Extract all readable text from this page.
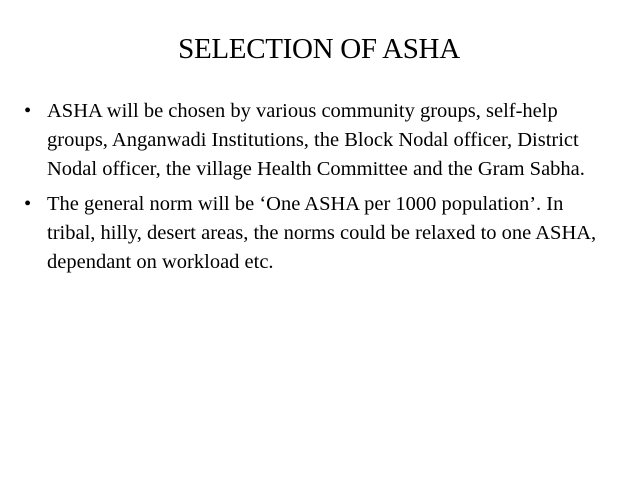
SELECTION OF ASHA
• ASHA will be chosen by various community groups, self-help groups, Anganwadi Institutions, the Block Nodal officer, District Nodal officer, the village Health Committee and the Gram Sabha.
• The general norm will be ‘One ASHA per 1000 population’. In tribal, hilly, desert areas, the norms could be relaxed to one ASHA, dependant on workload etc.
